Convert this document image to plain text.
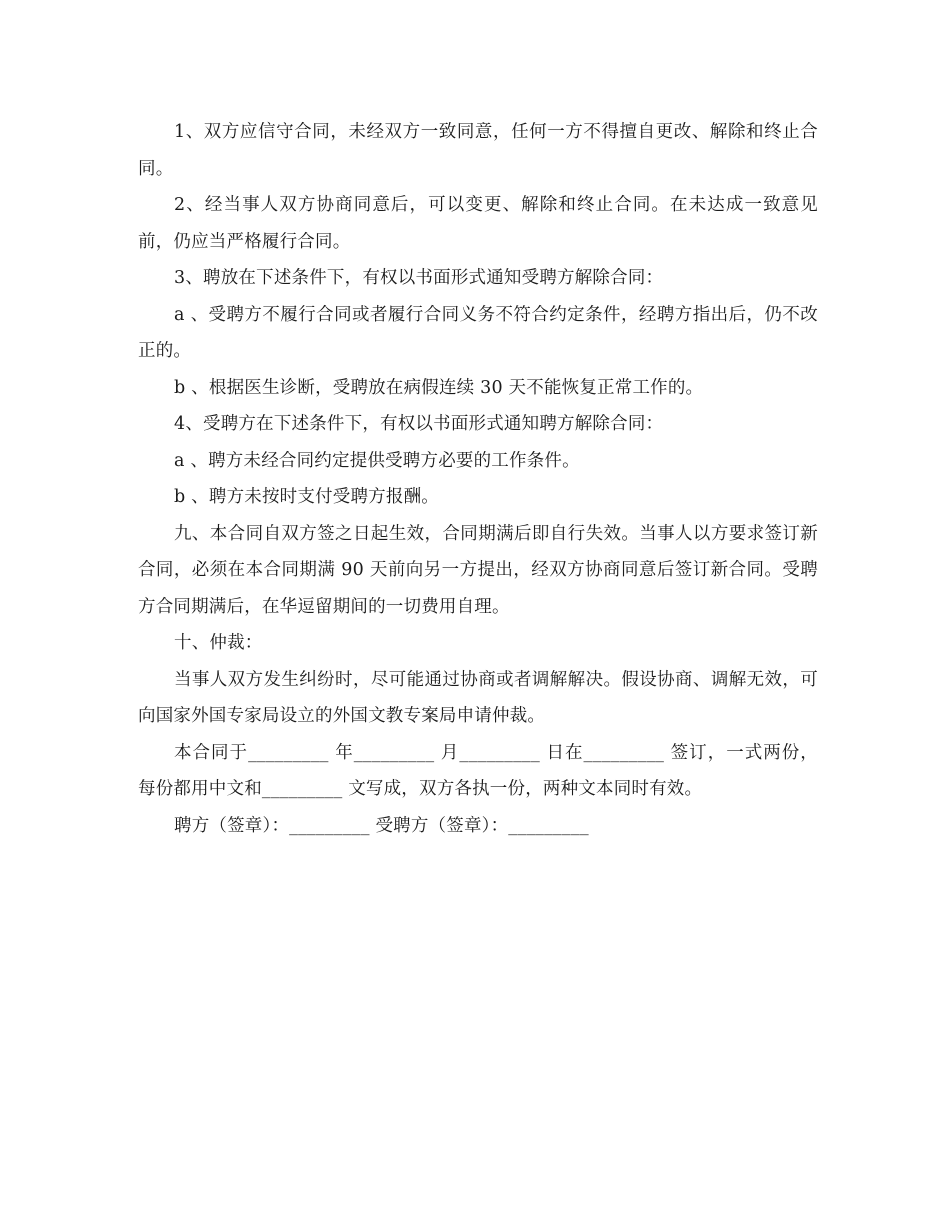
1、双方应信守合同，未经双方一致同意，任何一方不得擅自更改、解除和终止合同。

2、经当事人双方协商同意后，可以变更、解除和终止合同。在未达成一致意见前，仍应当严格履行合同。

3、聘放在下述条件下，有权以书面形式通知受聘方解除合同：

a 、受聘方不履行合同或者履行合同义务不符合约定条件，经聘方指出后，仍不改正的。

b 、根据医生诊断，受聘放在病假连续 30 天不能恢复正常工作的。

4、受聘方在下述条件下，有权以书面形式通知聘方解除合同：

a 、聘方未经合同约定提供受聘方必要的工作条件。

b 、聘方未按时支付受聘方报酬。

九、本合同自双方签之日起生效，合同期满后即自行失效。当事人以方要求签订新合同，必须在本合同期满 90 天前向另一方提出，经双方协商同意后签订新合同。受聘方合同期满后，在华逗留期间的一切费用自理。

十、仲裁：

当事人双方发生纠纷时，尽可能通过协商或者调解解决。假设协商、调解无效，可向国家外国专家局设立的外国文教专案局申请仲裁。

本合同于_________ 年_________ 月_________ 日在_________ 签订，一式两份，每份都用中文和_________ 文写成，双方各执一份，两种文本同时有效。

聘方（签章）：_________ 受聘方（签章）：_________
